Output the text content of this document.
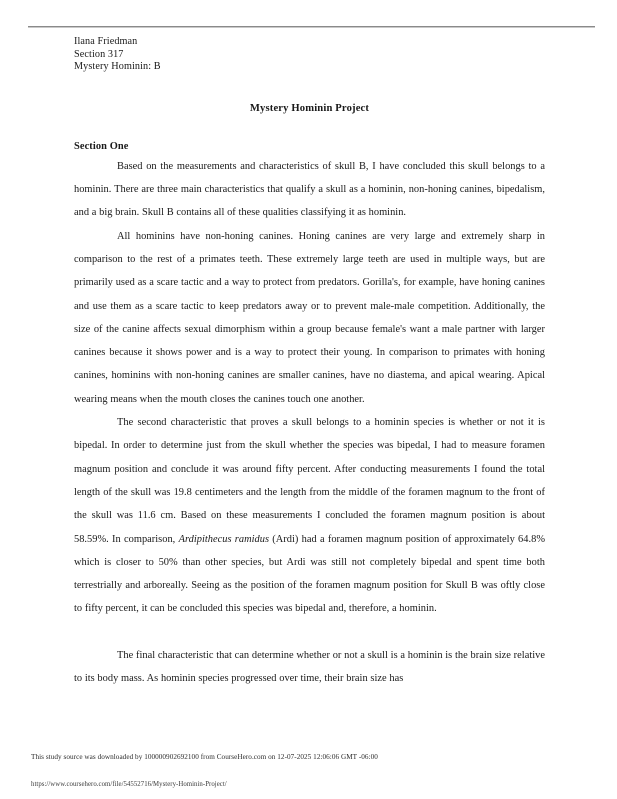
Ilana Friedman
Section 317
Mystery Hominin: B
Mystery Hominin Project
Section One

Based on the measurements and characteristics of skull B, I have concluded this skull belongs to a hominin. There are three main characteristics that qualify a skull as a hominin, non-honing canines, bipedalism, and a big brain. Skull B contains all of these qualities classifying it as hominin.

All hominins have non-honing canines. Honing canines are very large and extremely sharp in comparison to the rest of a primates teeth. These extremely large teeth are used in multiple ways, but are primarily used as a scare tactic and a way to protect from predators. Gorilla's, for example, have honing canines and use them as a scare tactic to keep predators away or to prevent male-male competition. Additionally, the size of the canine affects sexual dimorphism within a group because female's want a male partner with larger canines because it shows power and is a way to protect their young. In comparison to primates with honing canines, hominins with non-honing canines are smaller canines, have no diastema, and apical wearing. Apical wearing means when the mouth closes the canines touch one another.

The second characteristic that proves a skull belongs to a hominin species is whether or not it is bipedal. In order to determine just from the skull whether the species was bipedal, I had to measure foramen magnum position and conclude it was around fifty percent. After conducting measurements I found the total length of the skull was 19.8 centimeters and the length from the middle of the foramen magnum to the front of the skull was 11.6 cm. Based on these measurements I concluded the foramen magnum position is about 58.59%. In comparison, Ardipithecus ramidus (Ardi) had a foramen magnum position of approximately 64.8% which is closer to 50% than other species, but Ardi was still not completely bipedal and spent time both terrestrially and arboreally. Seeing as the position of the foramen magnum position for Skull B was oftly close to fifty percent, it can be concluded this species was bipedal and, therefore, a hominin.

The final characteristic that can determine whether or not a skull is a hominin is the brain size relative to its body mass. As hominin species progressed over time, their brain size has

This study source was downloaded by 100000902692100 from CourseHero.com on 12-07-2025 12:06:06 GMT -06:00
https://www.coursehero.com/file/54552716/Mystery-Hominin-Project/
